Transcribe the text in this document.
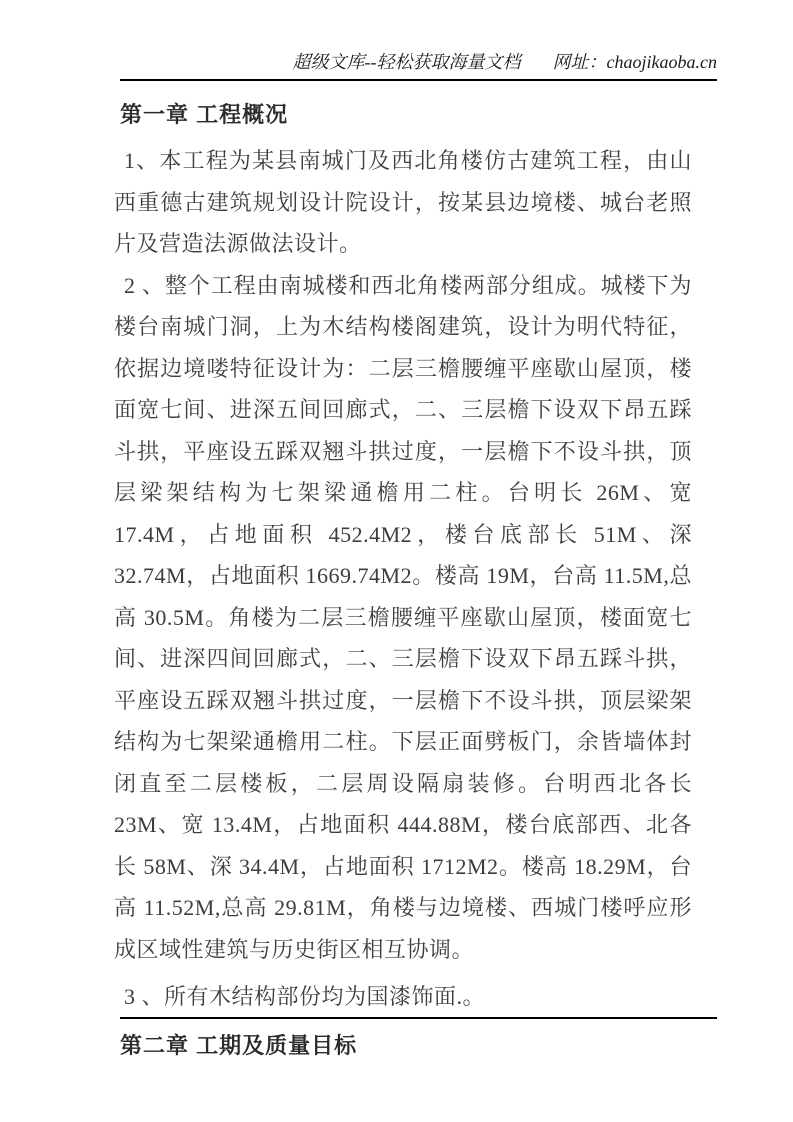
超级文库--轻松获取海量文档 网址：chaojikaoba.cn
第一章 工程概况

1、本工程为某县南城门及西北角楼仿古建筑工程，由山西重德古建筑规划设计院设计，按某县边境楼、城台老照片及营造法源做法设计。

2 、整个工程由南城楼和西北角楼两部分组成。城楼下为楼台南城门洞，上为木结构楼阁建筑，设计为明代特征，依据边境喽特征设计为：二层三檐腰缠平座歇山屋顶，楼面宽七间、进深五间回廊式，二、三层檐下设双下昂五踩斗拱，平座设五踩双翘斗拱过度，一层檐下不设斗拱，顶层梁架结构为七架梁通檐用二柱。台明长 26M、宽 17.4M，占地面积 452.4M2，楼台底部长 51M、深 32.74M，占地面积 1669.74M2。楼高 19M，台高 11.5M,总高 30.5M。角楼为二层三檐腰缠平座歇山屋顶，楼面宽七间、进深四间回廊式，二、三层檐下设双下昂五踩斗拱，平座设五踩双翘斗拱过度，一层檐下不设斗拱，顶层梁架结构为七架梁通檐用二柱。下层正面劈板门，余皆墙体封闭直至二层楼板，二层周设隔扇装修。台明西北各长 23M、宽 13.4M，占地面积 444.88M，楼台底部西、北各长 58M、深 34.4M，占地面积 1712M2。楼高 18.29M，台高 11.52M,总高 29.81M，角楼与边境楼、西城门楼呼应形成区域性建筑与历史街区相互协调。

3 、所有木结构部份均为国漆饰面.。

第二章 工期及质量目标
